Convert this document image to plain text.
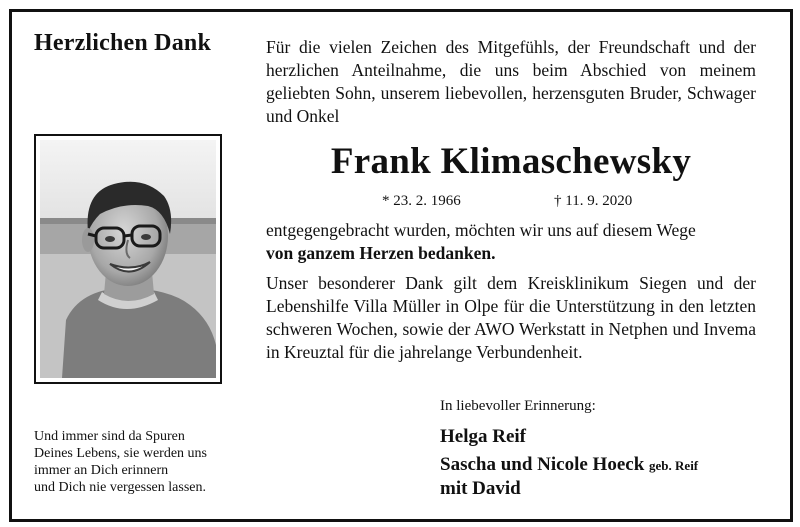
Herzlichen Dank	Für die vielen Zeichen des Mitgefühls, der Freundschaft und der herzlichen Anteilnahme, die uns beim Abschied von meinem geliebten Sohn, unserem liebevollen, herzensguten Bruder, Schwager und Onkel
Frank Klimaschewsky
* 23. 2. 1966	† 11. 9. 2020
entgegengebracht wurden, möchten wir uns auf diesem Wege
von ganzem Herzen bedanken.
Unser besonderer Dank gilt dem Kreisklinikum Siegen und der Lebenshilfe Villa Müller in Olpe für die Unterstützung in den letzten schweren Wochen, sowie der AWO Werkstatt in Netphen und Invema in Kreuztal für die jahrelange Verbundenheit.
In liebevoller Erinnerung:
Helga Reif
Sascha und Nicole Hoeck geb. Reif
mit David
Und immer sind da Spuren
Deines Lebens, sie werden uns
immer an Dich erinnern
und Dich nie vergessen lassen.
